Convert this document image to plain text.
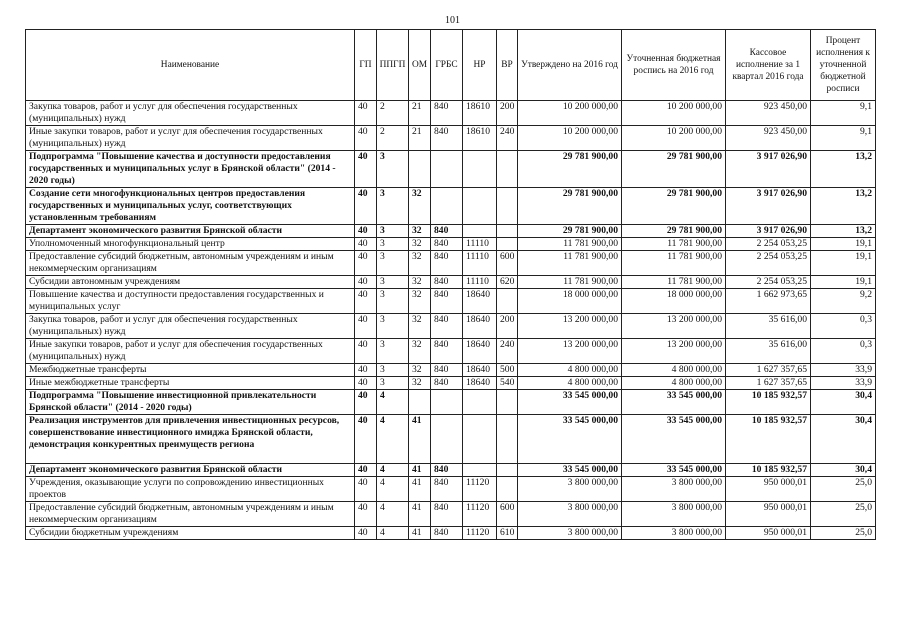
101
Наименование	ГП	ППГП	ОМ	ГРБС	НР	ВР	Утверждено на 2016 год	Уточненная бюджетная роспись на 2016 год	Кассовое исполнение за 1 квартал 2016 года	Процент исполнения к уточненной бюджетной росписи
Закупка товаров, работ и услуг для обеспечения государственных (муниципальных) нужд	40	2	21	840	18610	200	10 200 000,00	10 200 000,00	923 450,00	9,1
Иные закупки товаров, работ и услуг для обеспечения государственных (муниципальных) нужд	40	2	21	840	18610	240	10 200 000,00	10 200 000,00	923 450,00	9,1
Подпрограмма "Повышение качества и доступности предоставления государственных и муниципальных услуг в Брянской области" (2014 - 2020 годы)	40	3					29 781 900,00	29 781 900,00	3 917 026,90	13,2
Создание сети многофункциональных центров предоставления государственных и муниципальных услуг, соответствующих установленным требованиям	40	3	32				29 781 900,00	29 781 900,00	3 917 026,90	13,2
Департамент экономического развития Брянской области	40	3	32	840			29 781 900,00	29 781 900,00	3 917 026,90	13,2
Уполномоченный многофункциональный центр	40	3	32	840	11110		11 781 900,00	11 781 900,00	2 254 053,25	19,1
Предоставление субсидий бюджетным, автономным учреждениям и иным некоммерческим организациям	40	3	32	840	11110	600	11 781 900,00	11 781 900,00	2 254 053,25	19,1
Субсидии автономным учреждениям	40	3	32	840	11110	620	11 781 900,00	11 781 900,00	2 254 053,25	19,1
Повышение качества и доступности предоставления государственных и муниципальных услуг	40	3	32	840	18640		18 000 000,00	18 000 000,00	1 662 973,65	9,2
Закупка товаров, работ и услуг для обеспечения государственных (муниципальных) нужд	40	3	32	840	18640	200	13 200 000,00	13 200 000,00	35 616,00	0,3
Иные закупки товаров, работ и услуг для обеспечения государственных (муниципальных) нужд	40	3	32	840	18640	240	13 200 000,00	13 200 000,00	35 616,00	0,3
Межбюджетные трансферты	40	3	32	840	18640	500	4 800 000,00	4 800 000,00	1 627 357,65	33,9
Иные межбюджетные трансферты	40	3	32	840	18640	540	4 800 000,00	4 800 000,00	1 627 357,65	33,9
Подпрограмма "Повышение инвестиционной привлекательности Брянской области" (2014 - 2020 годы)	40	4					33 545 000,00	33 545 000,00	10 185 932,57	30,4
Реализация инструментов для привлечения инвестиционных ресурсов, совершенствование инвестиционного имиджа Брянской области, демонстрация конкурентных преимуществ региона	40	4	41				33 545 000,00	33 545 000,00	10 185 932,57	30,4
Департамент экономического развития Брянской области	40	4	41	840			33 545 000,00	33 545 000,00	10 185 932,57	30,4
Учреждения, оказывающие услуги по сопровождению инвестиционных проектов	40	4	41	840	11120		3 800 000,00	3 800 000,00	950 000,01	25,0
Предоставление субсидий бюджетным, автономным учреждениям и иным некоммерческим организациям	40	4	41	840	11120	600	3 800 000,00	3 800 000,00	950 000,01	25,0
Субсидии бюджетным учреждениям	40	4	41	840	11120	610	3 800 000,00	3 800 000,00	950 000,01	25,0
